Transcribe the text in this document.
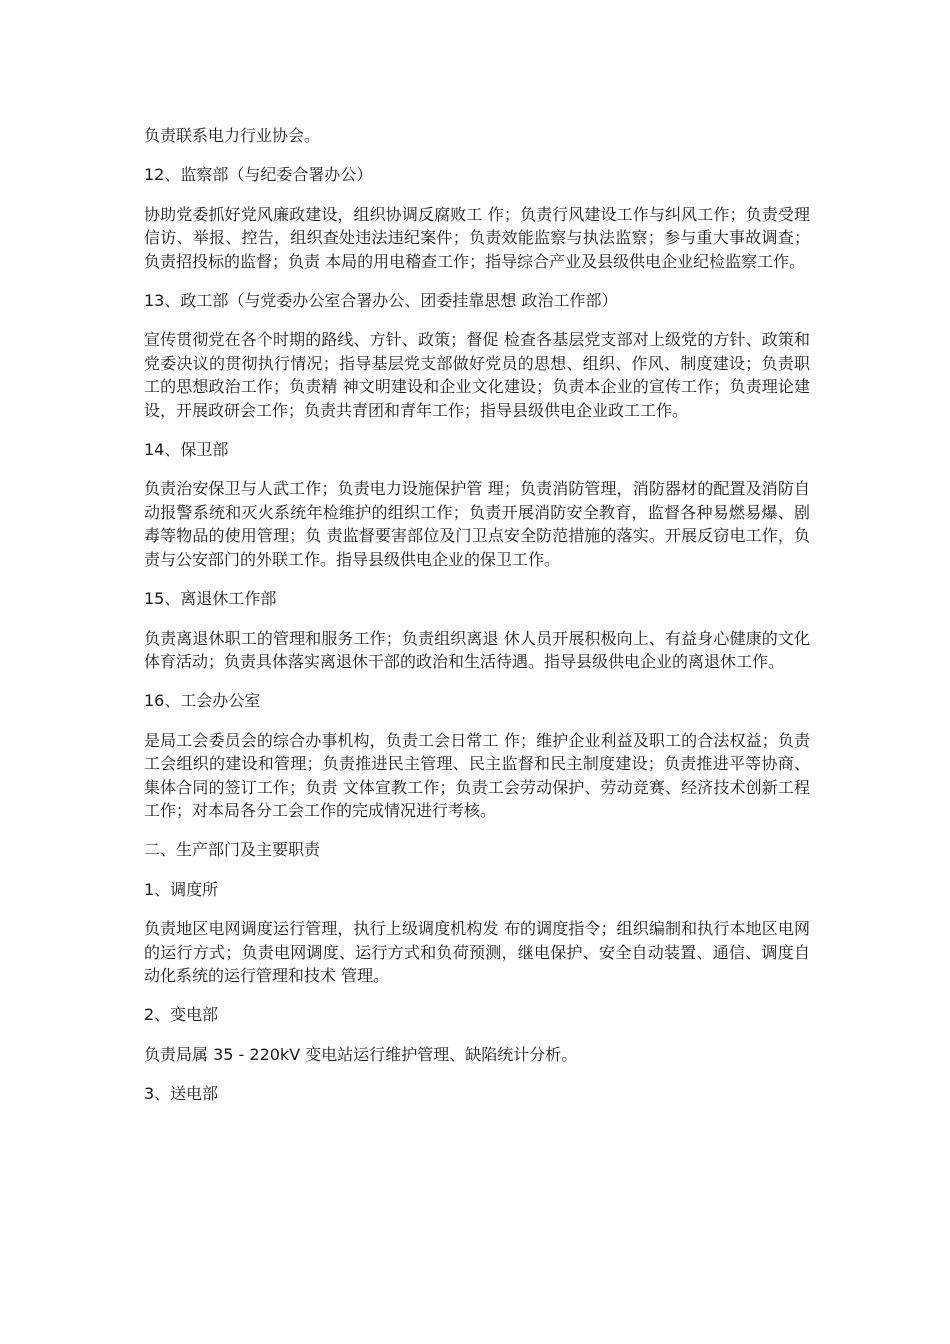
负责联系电力行业协会。

12、监察部（与纪委合署办公）

协助党委抓好党风廉政建设，组织协调反腐败工 作；负责行风建设工作与纠风工作；负责受理信访、举报、控告，组织查处违法违纪案件；负责效能监察与执法监察；参与重大事故调查；负责招投标的监督；负责 本局的用电稽查工作；指导综合产业及县级供电企业纪检监察工作。

13、政工部（与党委办公室合署办公、团委挂靠思想 政治工作部）

宣传贯彻党在各个时期的路线、方针、政策；督促 检查各基层党支部对上级党的方针、政策和党委决议的贯彻执行情况；指导基层党支部做好党员的思想、组织、作风、制度建设；负责职工的思想政治工作；负责精 神文明建设和企业文化建设；负责本企业的宣传工作；负责理论建设，开展政研会工作；负责共青团和青年工作；指导县级供电企业政工工作。

14、保卫部

负责治安保卫与人武工作；负责电力设施保护管 理；负责消防管理，消防器材的配置及消防自动报警系统和灭火系统年检维护的组织工作；负责开展消防安全教育，监督各种易燃易爆、剧毒等物品的使用管理；负 责监督要害部位及门卫点安全防范措施的落实。开展反窃电工作，负责与公安部门的外联工作。指导县级供电企业的保卫工作。

15、离退休工作部

负责离退休职工的管理和服务工作；负责组织离退 休人员开展积极向上、有益身心健康的文化体育活动；负责具体落实离退休干部的政治和生活待遇。指导县级供电企业的离退休工作。

16、工会办公室

是局工会委员会的综合办事机构，负责工会日常工 作；维护企业利益及职工的合法权益；负责工会组织的建设和管理；负责推进民主管理、民主监督和民主制度建设；负责推进平等协商、集体合同的签订工作；负责 文体宣教工作；负责工会劳动保护、劳动竞赛、经济技术创新工程工作；对本局各分工会工作的完成情况进行考核。

二、生产部门及主要职责

1、调度所

负责地区电网调度运行管理，执行上级调度机构发 布的调度指令；组织编制和执行本地区电网的运行方式；负责电网调度、运行方式和负荷预测，继电保护、安全自动装置、通信、调度自动化系统的运行管理和技术 管理。

2、变电部

负责局属 35 - 220kV 变电站运行维护管理、缺陷统计分析。

3、送电部
